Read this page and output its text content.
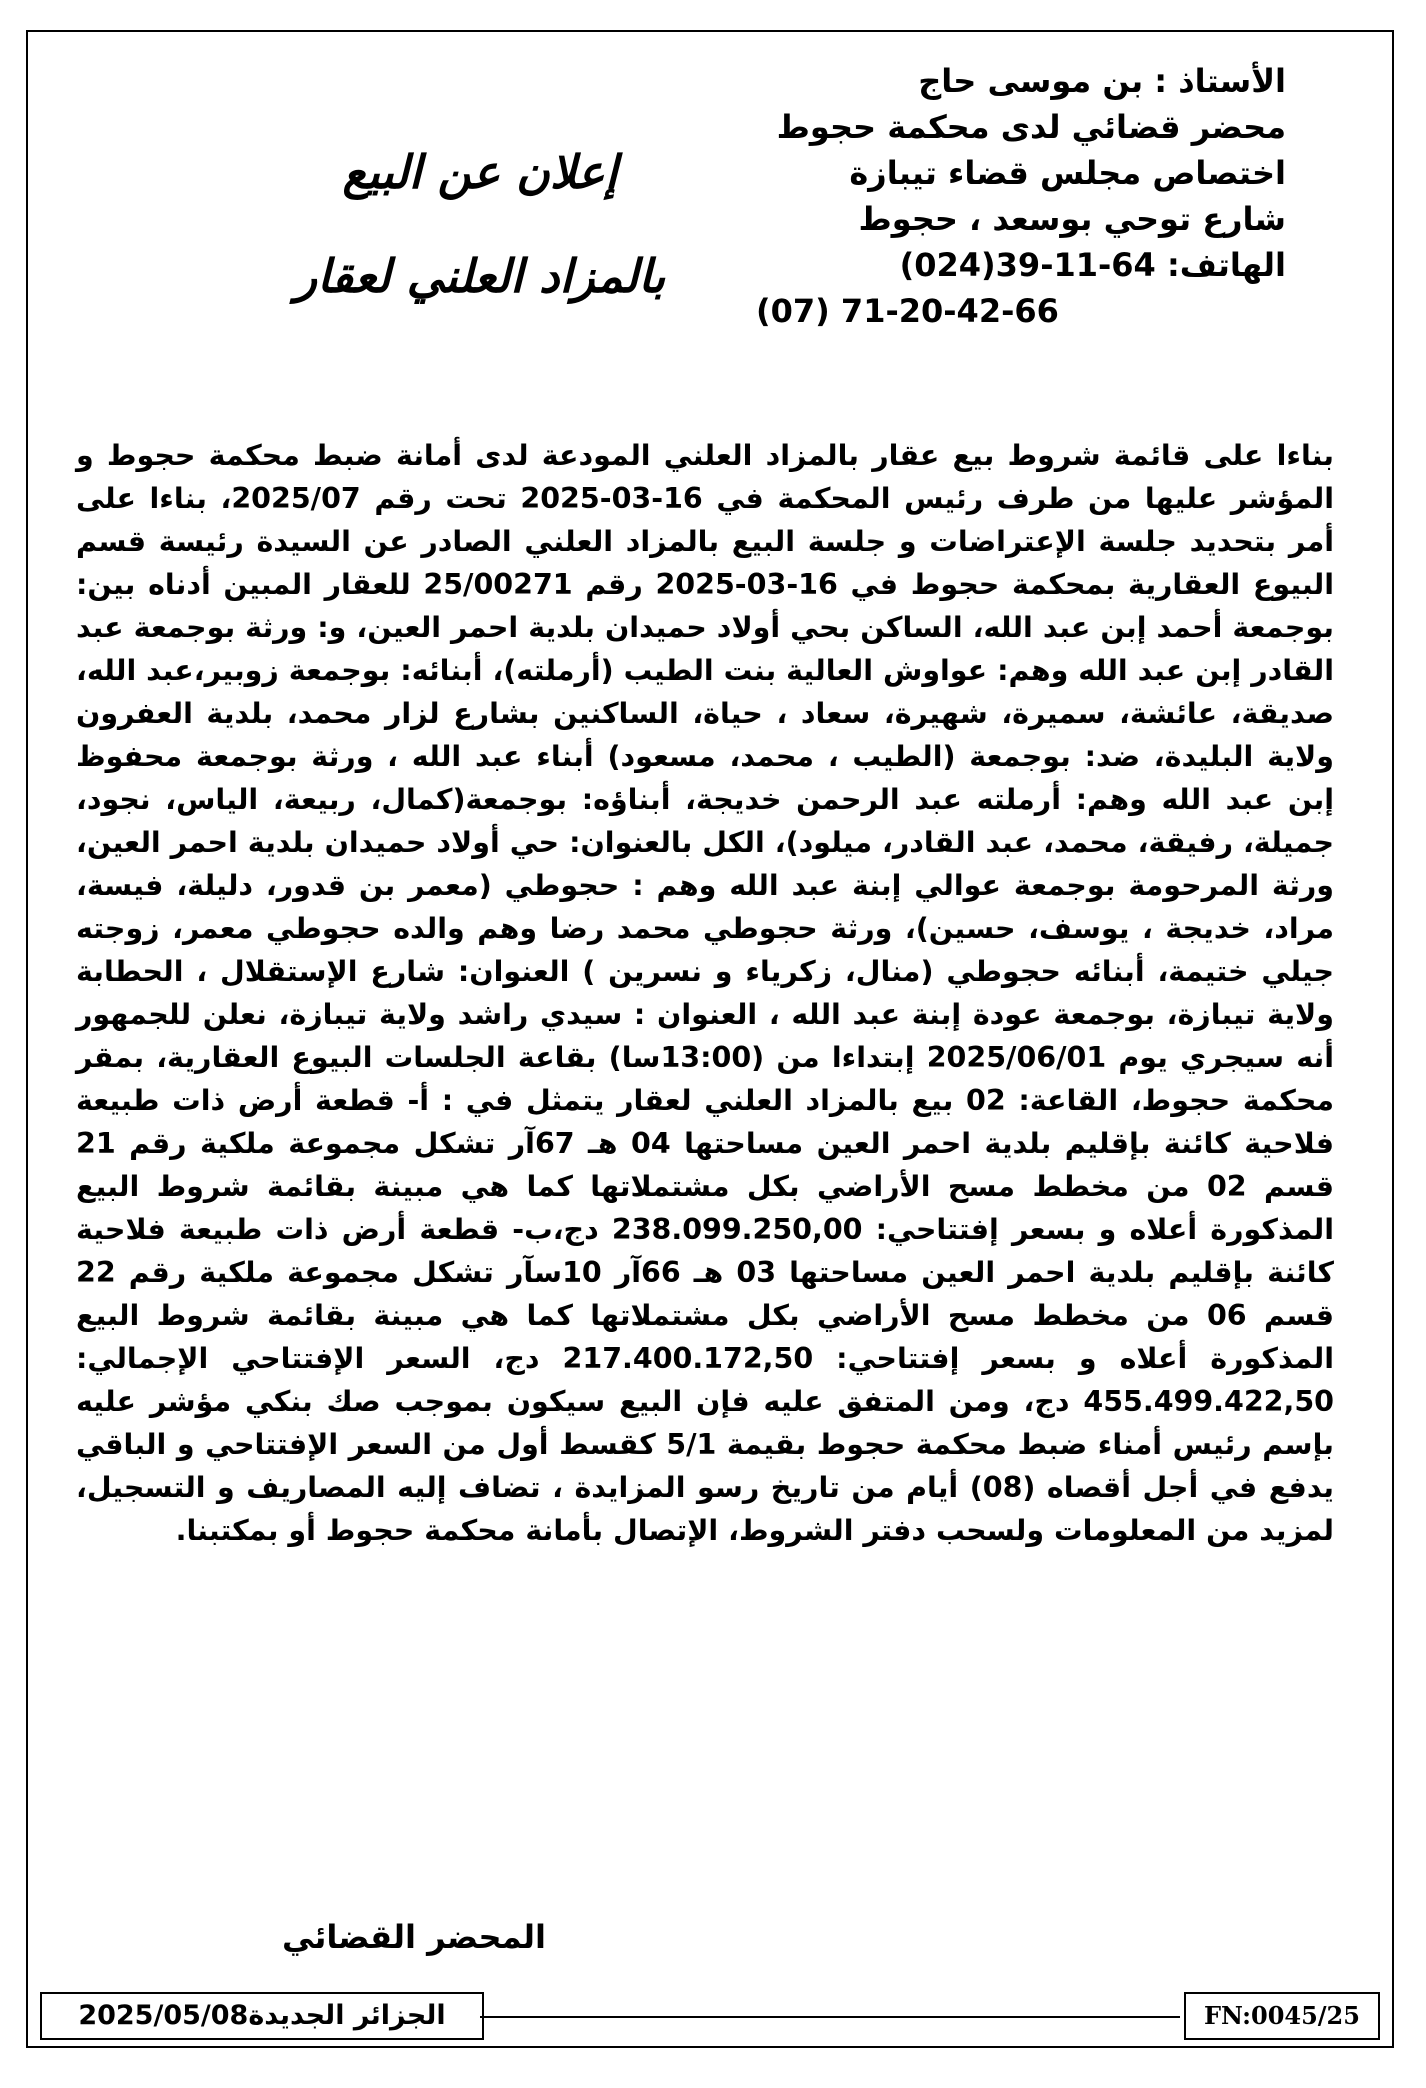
الأستاذ : بن موسى حاج
محضر قضائي لدى محكمة حجوط
اختصاص مجلس قضاء تيبازة
شارع توحي بوسعد ، حجوط
الهاتف: 64-11-39(024)
(07) 71-20-42-66
إعلان عن البيع
بالمزاد العلني لعقار
بناءا على قائمة شروط بيع عقار بالمزاد العلني المودعة لدى أمانة ضبط محكمة حجوط و المؤشر عليها من طرف رئيس المحكمة في 16-03-2025 تحت رقم 2025/07، بناءا على أمر بتحديد جلسة الإعتراضات و جلسة البيع بالمزاد العلني الصادر عن السيدة رئيسة قسم البيوع العقارية بمحكمة حجوط في 16-03-2025 رقم 25/00271 للعقار المبين أدناه بين: بوجمعة أحمد إبن عبد الله، الساكن بحي أولاد حميدان بلدية احمر العين، و: ورثة بوجمعة عبد القادر إبن عبد الله وهم: عواوش العالية بنت الطيب (أرملته)، أبنائه: بوجمعة زوبير،عبد الله، صديقة، عائشة، سميرة، شهيرة، سعاد ، حياة، الساكنين بشارع لزار محمد، بلدية العفرون ولاية البليدة، ضد: بوجمعة (الطيب ، محمد، مسعود) أبناء عبد الله ، ورثة بوجمعة محفوظ إبن عبد الله وهم: أرملته عبد الرحمن خديجة، أبناؤه: بوجمعة(كمال، ربيعة، الياس، نجود، جميلة، رفيقة، محمد، عبد القادر، ميلود)، الكل بالعنوان: حي أولاد حميدان بلدية احمر العين، ورثة المرحومة بوجمعة عوالي إبنة عبد الله وهم : حجوطي (معمر بن قدور، دليلة، فيسة، مراد، خديجة ، يوسف، حسين)، ورثة حجوطي محمد رضا وهم والده حجوطي معمر، زوجته جيلي ختيمة، أبنائه حجوطي (منال، زكرياء و نسرين ) العنوان: شارع الإستقلال ، الحطابة ولاية تيبازة، بوجمعة عودة إبنة عبد الله ، العنوان : سيدي راشد ولاية تيبازة، نعلن للجمهور أنه سيجري يوم 2025/06/01 إبتداءا من (13:00سا) بقاعة الجلسات البيوع العقارية، بمقر محكمة حجوط، القاعة: 02 بيع بالمزاد العلني لعقار يتمثل في : أ- قطعة أرض ذات طبيعة فلاحية كائنة بإقليم بلدية احمر العين مساحتها 04 هـ 67آر تشكل مجموعة ملكية رقم 21 قسم 02 من مخطط مسح الأراضي بكل مشتملاتها كما هي مبينة بقائمة شروط البيع المذكورة أعلاه و بسعر إفتتاحي: 238.099.250,00 دج،ب- قطعة أرض ذات طبيعة فلاحية كائنة بإقليم بلدية احمر العين مساحتها 03 هـ 66آر 10سآر تشكل مجموعة ملكية رقم 22 قسم 06 من مخطط مسح الأراضي بكل مشتملاتها كما هي مبينة بقائمة شروط البيع المذكورة أعلاه و بسعر إفتتاحي: 217.400.172,50 دج، السعر الإفتتاحي الإجمالي: 455.499.422,50 دج، ومن المتفق عليه فإن البيع سيكون بموجب صك بنكي مؤشر عليه بإسم رئيس أمناء ضبط محكمة حجوط بقيمة 5/1 كقسط أول من السعر الإفتتاحي و الباقي يدفع في أجل أقصاه (08) أيام من تاريخ رسو المزايدة ، تضاف إليه المصاريف و التسجيل، لمزيد من المعلومات ولسحب دفتر الشروط، الإتصال بأمانة محكمة حجوط أو بمكتبنا.
المحضر القضائي
الجزائر الجديدة2025/05/08	FN:0045/25
